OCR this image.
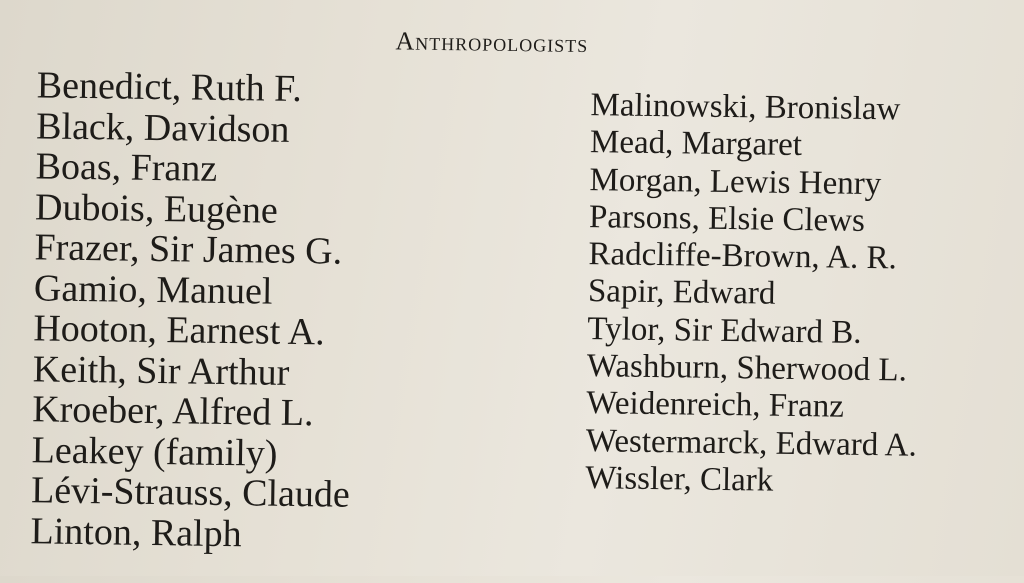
Anthropologists
Benedict, Ruth F.
Black, Davidson
Boas, Franz
Dubois, Eugène
Frazer, Sir James G.
Gamio, Manuel
Hooton, Earnest A.
Keith, Sir Arthur
Kroeber, Alfred L.
Leakey (family)
Lévi-Strauss, Claude
Linton, Ralph
Malinowski, Bronislaw
Mead, Margaret
Morgan, Lewis Henry
Parsons, Elsie Clews
Radcliffe-Brown, A. R.
Sapir, Edward
Tylor, Sir Edward B.
Washburn, Sherwood L.
Weidenreich, Franz
Westermarck, Edward A.
Wissler, Clark
